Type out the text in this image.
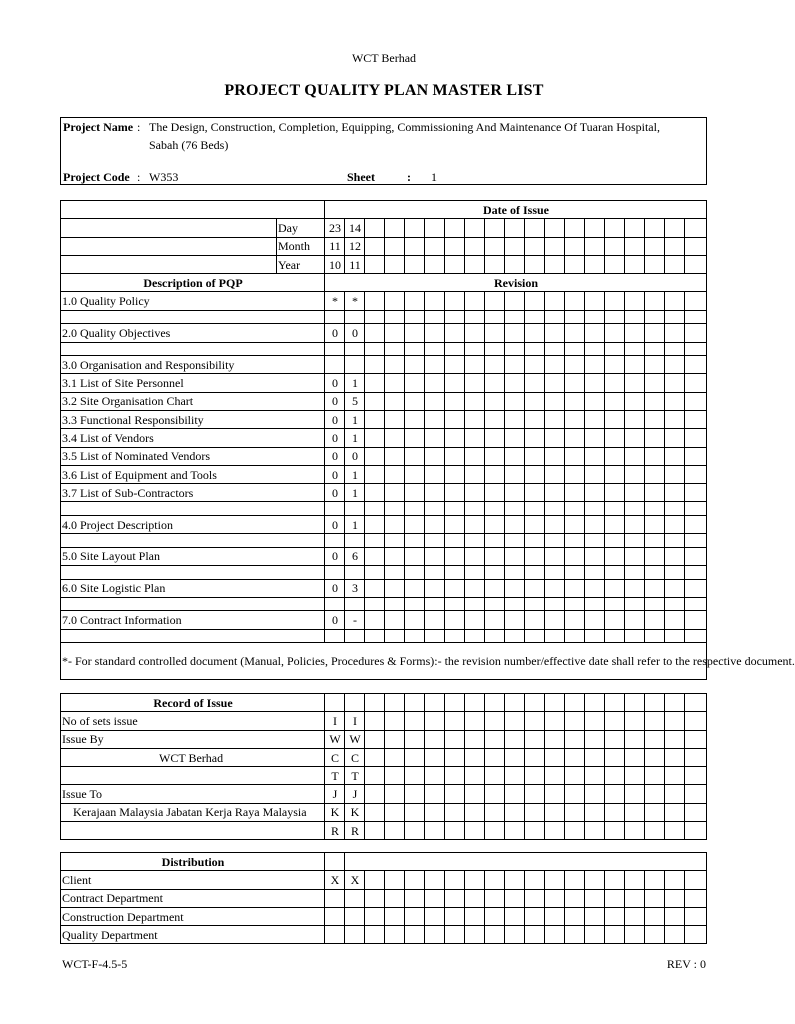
WCT Berhad
PROJECT QUALITY PLAN MASTER LIST
Project Name : The Design, Construction, Completion, Equipping, Commissioning And Maintenance Of Tuaran Hospital,
Sabah (76 Beds)
Project Code : W353	Sheet	: 1
		Date of Issue																		
	Day	23	14																	
	Month	11	12																	
	Year	10	11																	
Description of PQP		Revision																		
1.0 Quality Policy		*	*																	

2.0 Quality Objectives		0	0																	

3.0 Organisation and Responsibility																				
3.1 List of Site Personnel		0	1																	
3.2 Site Organisation Chart		0	5																	
3.3 Functional Responsibility		0	1																	
3.4 List of Vendors		0	1																	
3.5 List of Nominated Vendors		0	0																	
3.6 List of Equipment and Tools		0	1																	
3.7 List of Sub-Contractors		0	1																	

4.0 Project Description		0	1																	

5.0 Site Layout Plan		0	6																	

6.0 Site Logistic Plan		0	3																	

7.0 Contract Information		0	-																	

*- For standard controlled document (Manual, Policies, Procedures & Forms):- the revision number/effective date shall refer to the respective document.																				
Record of Issue																			
No of sets issue	I	I																	
Issue By	W	W																	
WCT Berhad	C	C																	
	T	T																	
Issue To	J	J																	
Kerajaan Malaysia Jabatan Kerja Raya Malaysia	K	K																	
	R	R																	
Distribution																			
Client	X	X																	
Contract Department																			
Construction Department																			
Quality Department																			
WCT-F-4.5-5	REV : 0
